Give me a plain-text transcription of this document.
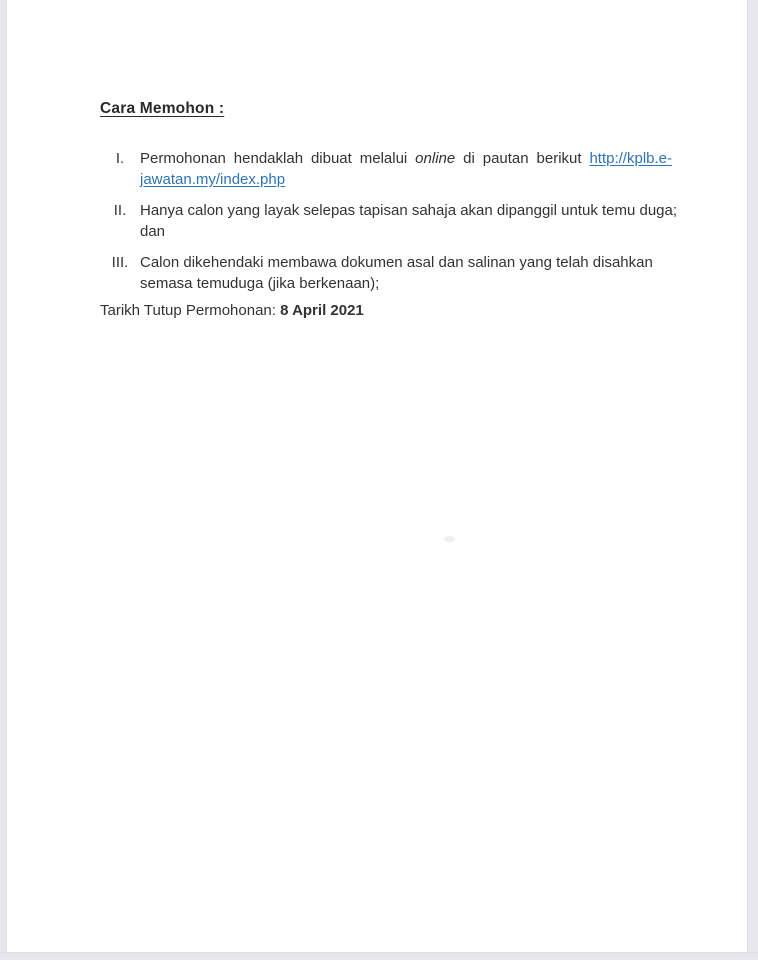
Cara Memohon :
I.	Permohonan hendaklah dibuat melalui online di pautan berikut http://kplb.e-jawatan.my/index.php
II. Hanya calon yang layak selepas tapisan sahaja akan dipanggil untuk temu duga;
dan
III. Calon dikehendaki membawa dokumen asal dan salinan yang telah disahkan
semasa temuduga (jika berkenaan);

Tarikh Tutup Permohonan: 8 April 2021
